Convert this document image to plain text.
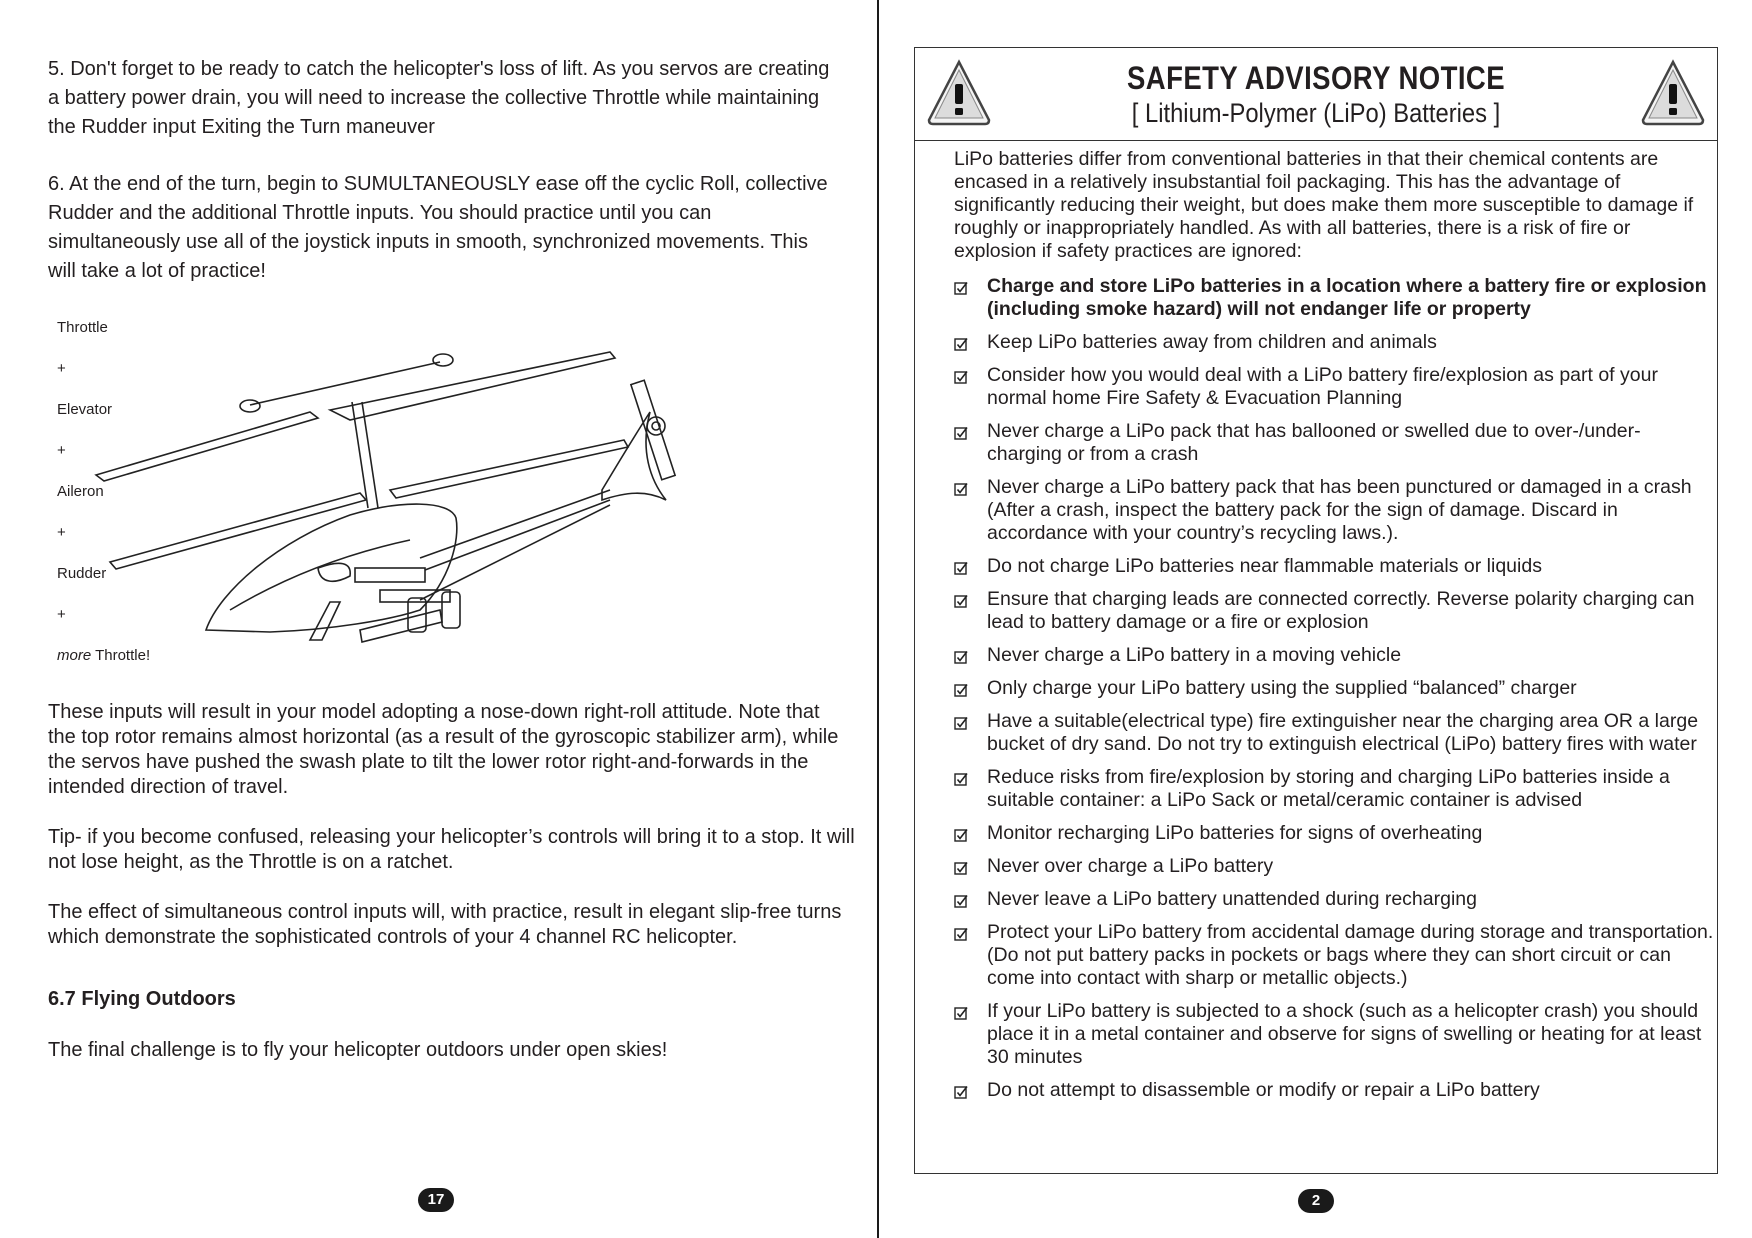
5. Don't forget to be ready to catch the helicopter's loss of lift. As you servos are creating a battery power drain, you will need to increase the collective Throttle while maintaining the Rudder input Exiting the Turn maneuver

6. At the end of the turn, begin to SUMULTANEOUSLY ease off the cyclic Roll, collective Rudder and the additional Throttle inputs. You should practice until you can simultaneously use all of the joystick inputs in smooth, synchronized movements. This will take a lot of practice!

Throttle
+
Elevator
+
Aileron
+
Rudder
+
more Throttle!

These inputs will result in your model adopting a nose-down right-roll attitude. Note that the top rotor remains almost horizontal (as a result of the gyroscopic stabilizer arm), while the servos have pushed the swash plate to tilt the lower rotor right-and-forwards in the intended direction of travel.

Tip- if you become confused, releasing your helicopter’s controls will bring it to a stop. It will not lose height, as the Throttle is on a ratchet.

The effect of simultaneous control inputs will, with practice, result in elegant slip-free turns which demonstrate the sophisticated controls of your 4 channel RC helicopter.

6.7 Flying Outdoors

The final challenge is to fly your helicopter outdoors under open skies!

17
SAFETY ADVISORY NOTICE
[ Lithium-Polymer (LiPo) Batteries ]

LiPo batteries differ from conventional batteries in that their chemical contents are encased in a relatively insubstantial foil packaging. This has the advantage of significantly reducing their weight, but does make them more susceptible to damage if roughly or inappropriately handled. As with all batteries, there is a risk of fire or explosion if safety practices are ignored:

Charge and store LiPo batteries in a location where a battery fire or explosion (including smoke hazard) will not endanger life or property
Keep LiPo batteries away from children and animals
Consider how you would deal with a LiPo battery fire/explosion as part of your normal home Fire Safety & Evacuation Planning
Never charge a LiPo pack that has ballooned or swelled due to over-/under-charging or from a crash
Never charge a LiPo battery pack that has been punctured or damaged in a crash (After a crash, inspect the battery pack for the sign of damage. Discard in accordance with your country’s recycling laws.).
Do not charge LiPo batteries near flammable materials or liquids
Ensure that charging leads are connected correctly. Reverse polarity charging can lead to battery damage or a fire or explosion
Never charge a LiPo battery in a moving vehicle
Only charge your LiPo battery using the supplied “balanced” charger
Have a suitable(electrical type) fire extinguisher near the charging area OR a large bucket of dry sand. Do not try to extinguish electrical (LiPo) battery fires with water
Reduce risks from fire/explosion by storing and charging LiPo batteries inside a suitable container: a LiPo Sack or metal/ceramic container is advised
Monitor recharging LiPo batteries for signs of overheating
Never over charge a LiPo battery
Never leave a LiPo battery unattended during recharging
Protect your LiPo battery from accidental damage during storage and transportation. (Do not put battery packs in pockets or bags where they can short circuit or can come into contact with sharp or metallic objects.)
If your LiPo battery is subjected to a shock (such as a helicopter crash) you should place it in a metal container and observe for signs of swelling or heating for at least 30 minutes
Do not attempt to disassemble or modify or repair a LiPo battery
2
